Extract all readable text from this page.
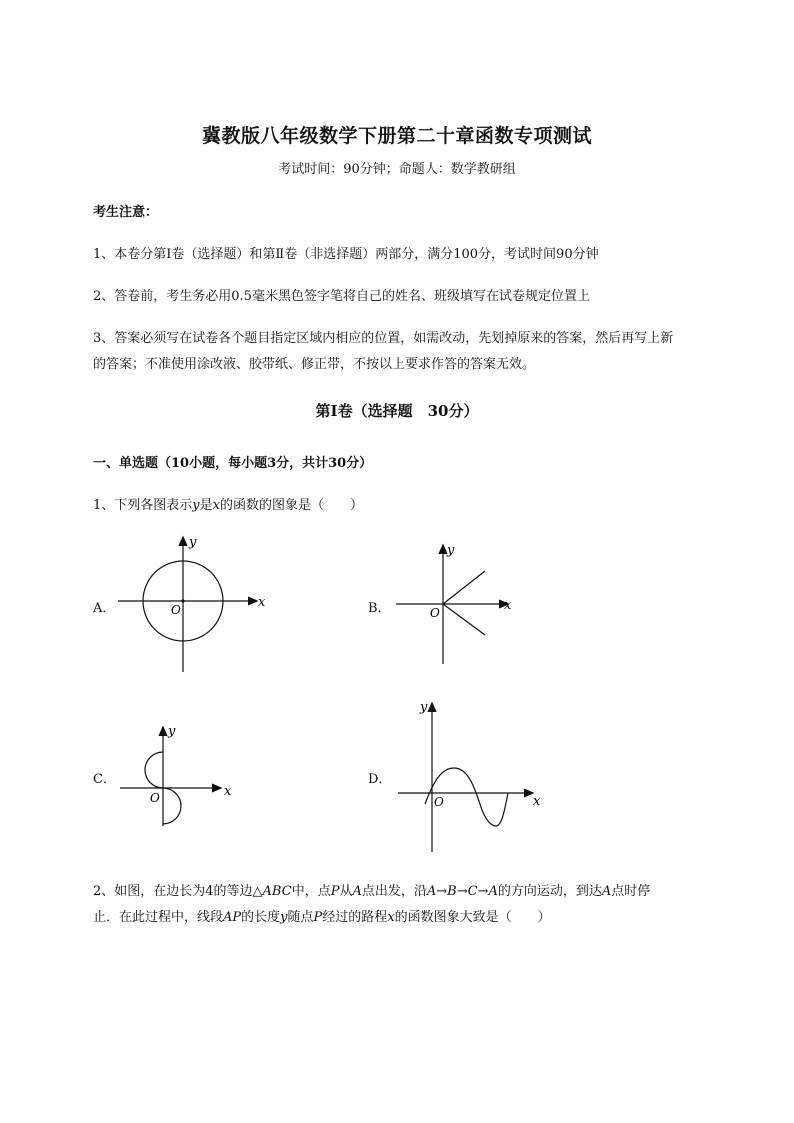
冀教版八年级数学下册第二十章函数专项测试
考试时间：90分钟；命题人：数学教研组
考生注意：
1、本卷分第Ⅰ卷（选择题）和第Ⅱ卷（非选择题）两部分，满分100分，考试时间90分钟
2、答卷前，考生务必用0.5毫米黑色签字笔将自己的姓名、班级填写在试卷规定位置上
3、答案必须写在试卷各个题目指定区域内相应的位置，如需改动，先划掉原来的答案，然后再写上新
的答案；不准使用涂改液、胶带纸、修正带，不按以上要求作答的答案无效。
第Ⅰ卷（选择题　30分）
一、单选题（10小题，每小题3分，共计30分）
1、下列各图表示y是x的函数的图象是（　　）
A．	x
y
O	B．	x
y
O
C．
x
y
O
D．
x
y
O
2、如图，在边长为4的等边△ABC中，点P从A点出发，沿A→B→C→A的方向运动，到达A点时停
止．在此过程中，线段AP的长度y随点P经过的路程x的函数图象大致是（　　）
